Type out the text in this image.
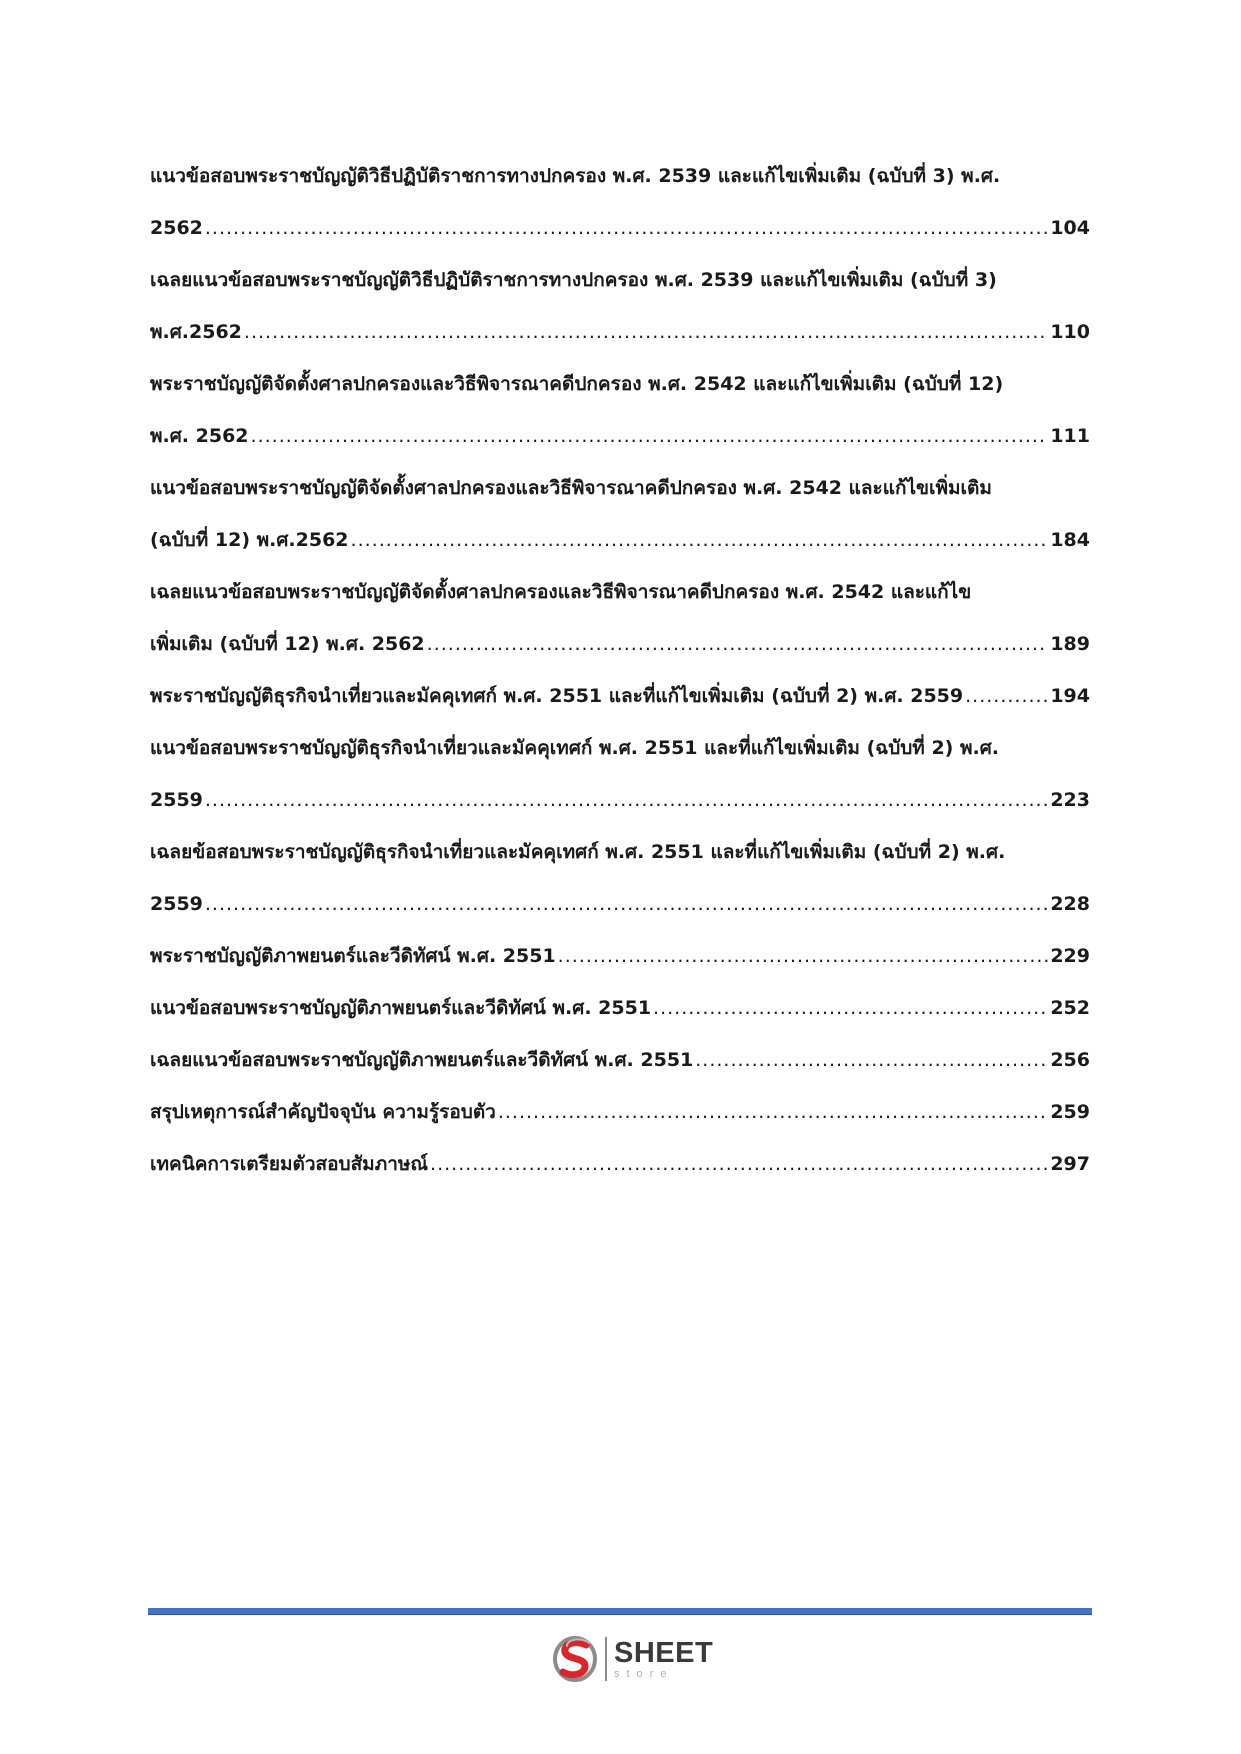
แนวข้อสอบพระราชบัญญัติวิธีปฏิบัติราชการทางปกครอง พ.ศ. 2539 และแก้ไขเพิ่มเติม (ฉบับที่ 3) พ.ศ.
2562 .....	104
เฉลยแนวข้อสอบพระราชบัญญัติวิธีปฏิบัติราชการทางปกครอง พ.ศ. 2539 และแก้ไขเพิ่มเติม (ฉบับที่ 3)
พ.ศ.2562 .....	110
พระราชบัญญัติจัดตั้งศาลปกครองและวิธีพิจารณาคดีปกครอง พ.ศ. 2542 และแก้ไขเพิ่มเติม (ฉบับที่ 12)
พ.ศ. 2562 .....	111
แนวข้อสอบพระราชบัญญัติจัดตั้งศาลปกครองและวิธีพิจารณาคดีปกครอง พ.ศ. 2542 และแก้ไขเพิ่มเติม
(ฉบับที่ 12) พ.ศ.2562 .....	184
เฉลยแนวข้อสอบพระราชบัญญัติจัดตั้งศาลปกครองและวิธีพิจารณาคดีปกครอง พ.ศ. 2542 และแก้ไข
เพิ่มเติม (ฉบับที่ 12) พ.ศ. 2562 .....	189
พระราชบัญญัติธุรกิจนำเที่ยวและมัคคุเทศก์ พ.ศ. 2551 และที่แก้ไขเพิ่มเติม (ฉบับที่ 2) พ.ศ. 2559 .....	194
แนวข้อสอบพระราชบัญญัติธุรกิจนำเที่ยวและมัคคุเทศก์ พ.ศ. 2551 และที่แก้ไขเพิ่มเติม (ฉบับที่ 2) พ.ศ.
2559 .....	223
เฉลยข้อสอบพระราชบัญญัติธุรกิจนำเที่ยวและมัคคุเทศก์ พ.ศ. 2551 และที่แก้ไขเพิ่มเติม (ฉบับที่ 2) พ.ศ.
2559 .....	228
พระราชบัญญัติภาพยนตร์และวีดิทัศน์ พ.ศ. 2551 .....	229
แนวข้อสอบพระราชบัญญัติภาพยนตร์และวีดิทัศน์ พ.ศ. 2551 .....	252
เฉลยแนวข้อสอบพระราชบัญญัติภาพยนตร์และวีดิทัศน์ พ.ศ. 2551 .....	256
สรุปเหตุการณ์สำคัญปัจจุบัน ความรู้รอบตัว .....	259
เทคนิคการเตรียมตัวสอบสัมภาษณ์ .....	297
SHEET
store
